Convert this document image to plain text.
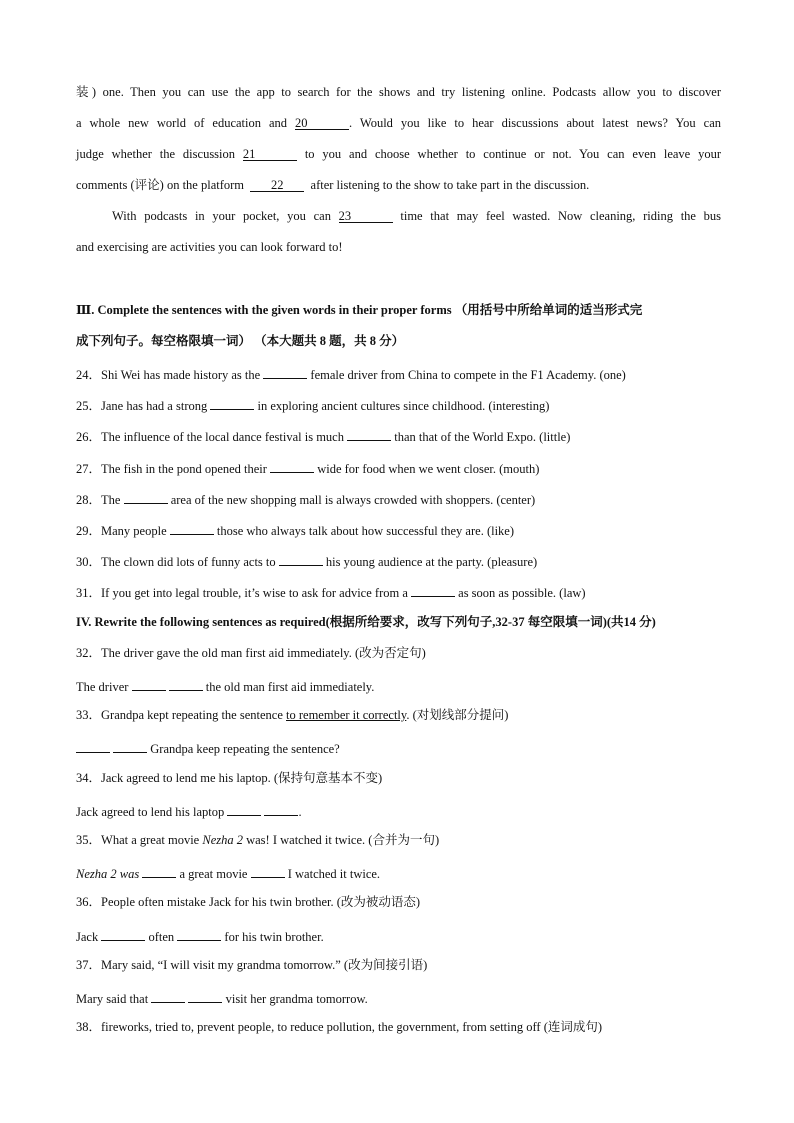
装) one. Then you can use the app to search for the shows and try listening online. Podcasts allow you to discover
a whole new world of education and 20	. Would you like to hear discussions about latest news? You can
judge whether the discussion 21	to you and choose whether to continue or not. You can even leave your
comments (评论) on the platform 22 after listening to the show to take part in the discussion.
With podcasts in your pocket, you can 23	time that may feel wasted. Now cleaning, riding the bus
and exercising are activities you can look forward to!
Ⅲ. Complete the sentences with the given words in their proper forms （用括号中所给单词的适当形式完
成下列句子。每空格限填一词） （本大题共 8 题，共 8 分）
24．Shi Wei has made history as the	female driver from China to compete in the F1 Academy. (one)
25．Jane has had a strong	in exploring ancient cultures since childhood. (interesting)
26．The influence of the local dance festival is much	than that of the World Expo. (little)
27．The fish in the pond opened their	wide for food when we went closer. (mouth)
28．The	area of the new shopping mall is always crowded with shoppers. (center)
29．Many people	those who always talk about how successful they are. (like)
30．The clown did lots of funny acts to	his young audience at the party. (pleasure)
31．If you get into legal trouble, it’s wise to ask for advice from a	as soon as possible. (law)
IV. Rewrite the following sentences as required(根据所给要求，改写下列句子,32-37 每空限填一词)(共14 分)
32．The driver gave the old man first aid immediately. (改为否定句)
The driver	the old man first aid immediately.
33．Grandpa kept repeating the sentence to remember it correctly. (对划线部分提问)
Grandpa keep repeating the sentence?
34．Jack agreed to lend me his laptop. (保持句意基本不变)
Jack agreed to lend his laptop	.
35．What a great movie Nezha 2 was! I watched it twice. (合并为一句)
Nezha 2 was	a great movie	I watched it twice.
36．People often mistake Jack for his twin brother. (改为被动语态)
Jack	often	for his twin brother.
37．Mary said, “I will visit my grandma tomorrow.” (改为间接引语)
Mary said that	visit her grandma tomorrow.
38．fireworks, tried to, prevent people, to reduce pollution, the government, from setting off (连词成句)
